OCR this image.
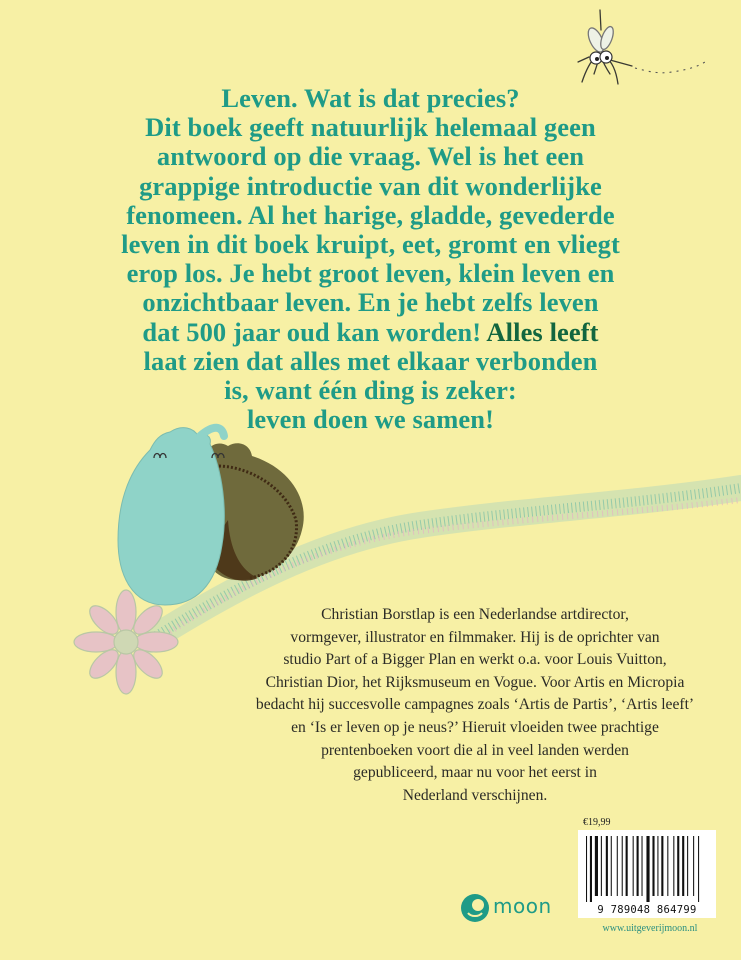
Leven. Wat is dat precies?
Dit boek geeft natuurlijk helemaal geen
antwoord op die vraag. Wel is het een
grappige introductie van dit wonderlijke
fenomeen. Al het harige, gladde, gevederde
leven in dit boek kruipt, eet, gromt en vliegt
erop los. Je hebt groot leven, klein leven en
onzichtbaar leven. En je hebt zelfs leven
dat 500 jaar oud kan worden! Alles leeft
laat zien dat alles met elkaar verbonden
is, want één ding is zeker:
leven doen we samen!

Christian Borstlap is een Nederlandse artdirector,
vormgever, illustrator en filmmaker. Hij is de oprichter van
studio Part of a Bigger Plan en werkt o.a. voor Louis Vuitton,
Christian Dior, het Rijksmuseum en Vogue. Voor Artis en Micropia
bedacht hij succesvolle campagnes zoals ‘Artis de Partis’, ‘Artis leeft’
en ‘Is er leven op je neus?’ Hieruit vloeiden twee prachtige
prentenboeken voort die al in veel landen werden
gepubliceerd, maar nu voor het eerst in
Nederland verschijnen.

moon
€19,99
9 789048 864799
www.uitgeverijmoon.nl
